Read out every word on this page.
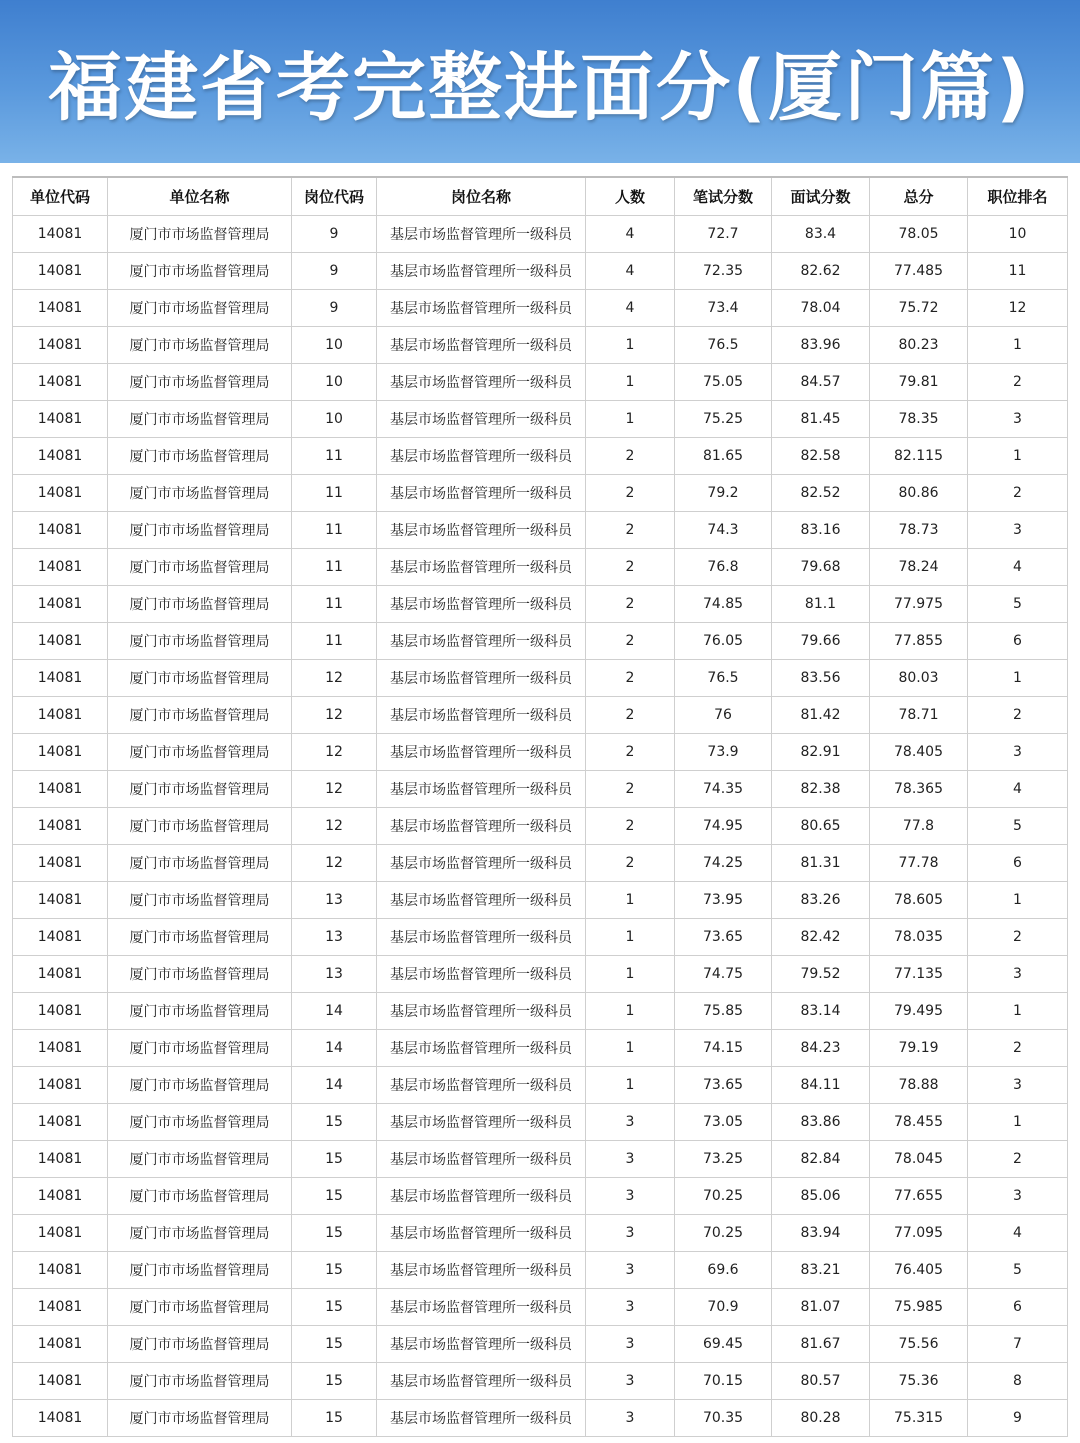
福建省考完整进面分(厦门篇)
单位代码	单位名称	岗位代码	岗位名称	人数	笔试分数	面试分数	总分	职位排名
14081	厦门市市场监督管理局	9	基层市场监督管理所一级科员	4	72.7	83.4	78.05	10
14081	厦门市市场监督管理局	9	基层市场监督管理所一级科员	4	72.35	82.62	77.485	11
14081	厦门市市场监督管理局	9	基层市场监督管理所一级科员	4	73.4	78.04	75.72	12
14081	厦门市市场监督管理局	10	基层市场监督管理所一级科员	1	76.5	83.96	80.23	1
14081	厦门市市场监督管理局	10	基层市场监督管理所一级科员	1	75.05	84.57	79.81	2
14081	厦门市市场监督管理局	10	基层市场监督管理所一级科员	1	75.25	81.45	78.35	3
14081	厦门市市场监督管理局	11	基层市场监督管理所一级科员	2	81.65	82.58	82.115	1
14081	厦门市市场监督管理局	11	基层市场监督管理所一级科员	2	79.2	82.52	80.86	2
14081	厦门市市场监督管理局	11	基层市场监督管理所一级科员	2	74.3	83.16	78.73	3
14081	厦门市市场监督管理局	11	基层市场监督管理所一级科员	2	76.8	79.68	78.24	4
14081	厦门市市场监督管理局	11	基层市场监督管理所一级科员	2	74.85	81.1	77.975	5
14081	厦门市市场监督管理局	11	基层市场监督管理所一级科员	2	76.05	79.66	77.855	6
14081	厦门市市场监督管理局	12	基层市场监督管理所一级科员	2	76.5	83.56	80.03	1
14081	厦门市市场监督管理局	12	基层市场监督管理所一级科员	2	76	81.42	78.71	2
14081	厦门市市场监督管理局	12	基层市场监督管理所一级科员	2	73.9	82.91	78.405	3
14081	厦门市市场监督管理局	12	基层市场监督管理所一级科员	2	74.35	82.38	78.365	4
14081	厦门市市场监督管理局	12	基层市场监督管理所一级科员	2	74.95	80.65	77.8	5
14081	厦门市市场监督管理局	12	基层市场监督管理所一级科员	2	74.25	81.31	77.78	6
14081	厦门市市场监督管理局	13	基层市场监督管理所一级科员	1	73.95	83.26	78.605	1
14081	厦门市市场监督管理局	13	基层市场监督管理所一级科员	1	73.65	82.42	78.035	2
14081	厦门市市场监督管理局	13	基层市场监督管理所一级科员	1	74.75	79.52	77.135	3
14081	厦门市市场监督管理局	14	基层市场监督管理所一级科员	1	75.85	83.14	79.495	1
14081	厦门市市场监督管理局	14	基层市场监督管理所一级科员	1	74.15	84.23	79.19	2
14081	厦门市市场监督管理局	14	基层市场监督管理所一级科员	1	73.65	84.11	78.88	3
14081	厦门市市场监督管理局	15	基层市场监督管理所一级科员	3	73.05	83.86	78.455	1
14081	厦门市市场监督管理局	15	基层市场监督管理所一级科员	3	73.25	82.84	78.045	2
14081	厦门市市场监督管理局	15	基层市场监督管理所一级科员	3	70.25	85.06	77.655	3
14081	厦门市市场监督管理局	15	基层市场监督管理所一级科员	3	70.25	83.94	77.095	4
14081	厦门市市场监督管理局	15	基层市场监督管理所一级科员	3	69.6	83.21	76.405	5
14081	厦门市市场监督管理局	15	基层市场监督管理所一级科员	3	70.9	81.07	75.985	6
14081	厦门市市场监督管理局	15	基层市场监督管理所一级科员	3	69.45	81.67	75.56	7
14081	厦门市市场监督管理局	15	基层市场监督管理所一级科员	3	70.15	80.57	75.36	8
14081	厦门市市场监督管理局	15	基层市场监督管理所一级科员	3	70.35	80.28	75.315	9
